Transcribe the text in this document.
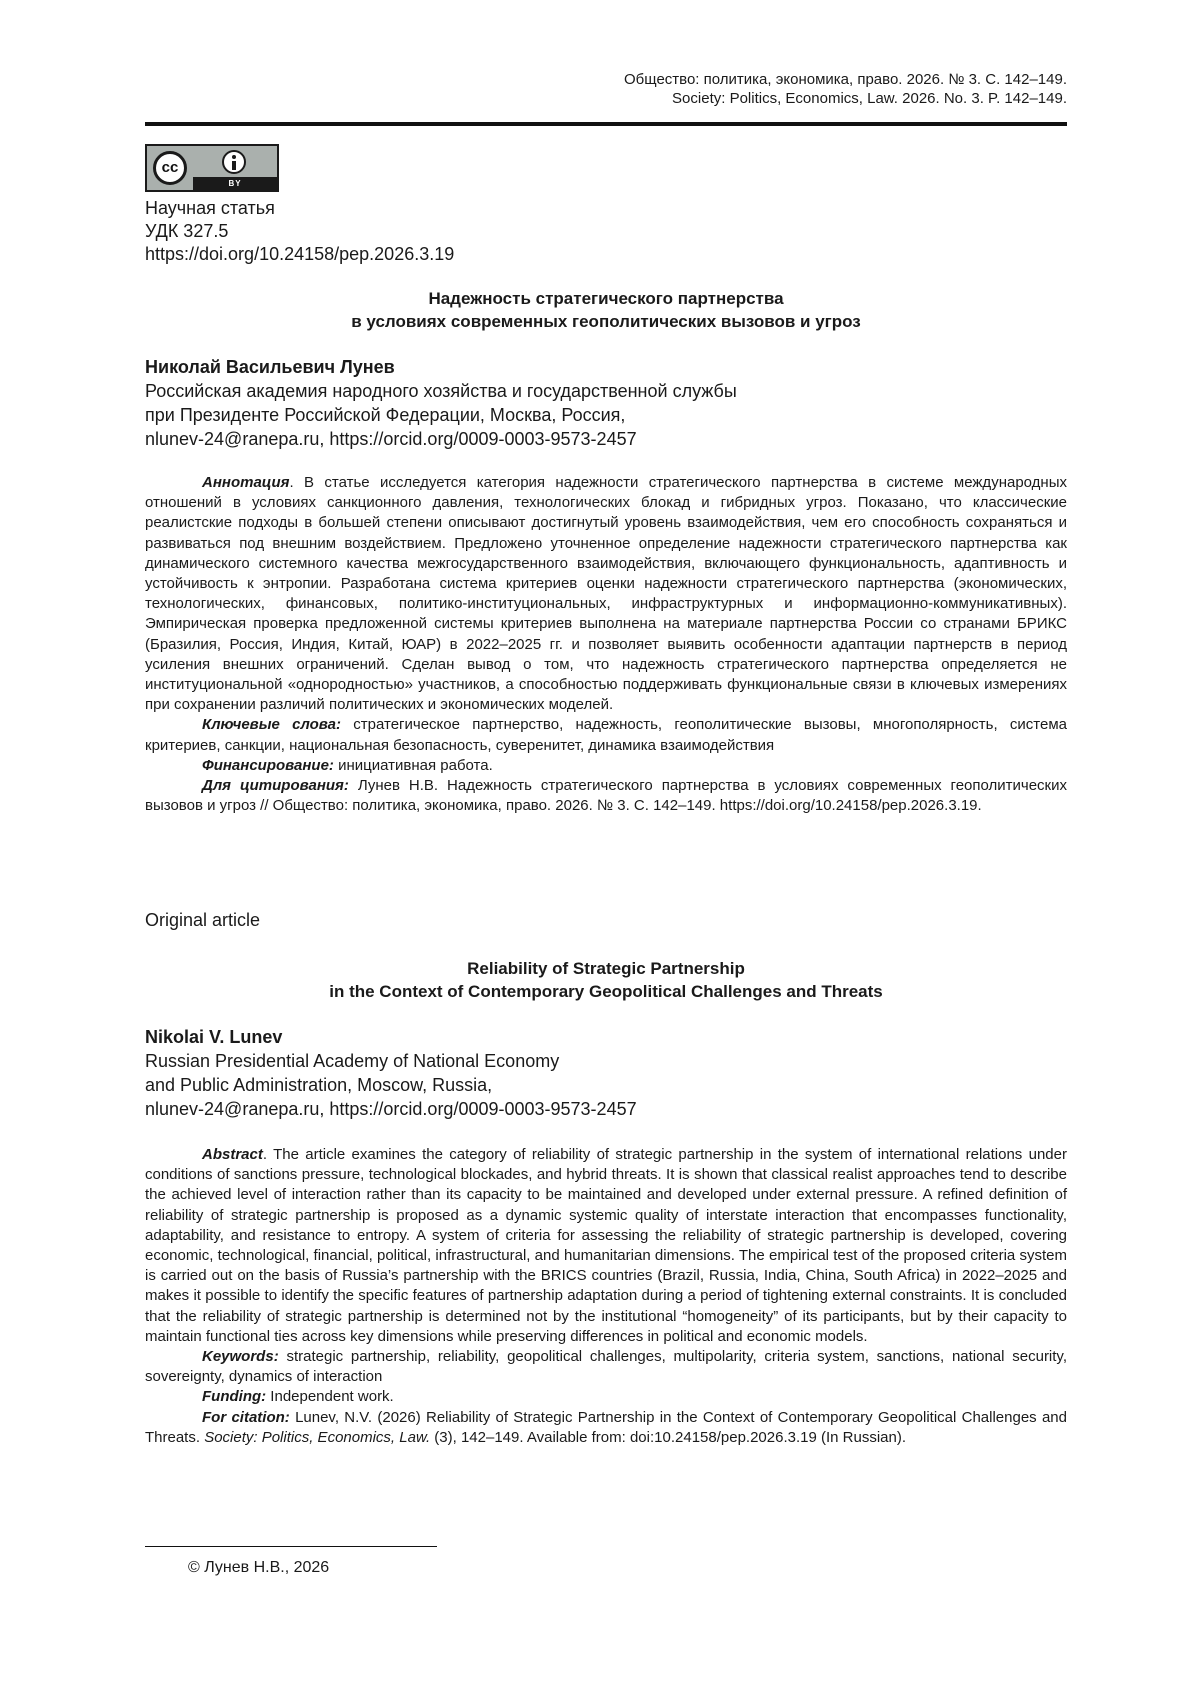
Общество: политика, экономика, право. 2026. № 3. С. 142–149.
Society: Politics, Economics, Law. 2026. No. 3. P. 142–149.
cc
BY
Научная статья
УДК 327.5
https://doi.org/10.24158/pep.2026.3.19
Надежность стратегического партнерства
в условиях современных геополитических вызовов и угроз
Николай Васильевич Лунев
Российская академия народного хозяйства и государственной службы
при Президенте Российской Федерации, Москва, Россия,
nlunev-24@ranepa.ru, https://orcid.org/0009-0003-9573-2457

Аннотация. В статье исследуется категория надежности стратегического партнерства в системе международных отношений в условиях санкционного давления, технологических блокад и гибридных угроз. Показано, что классические реалистские подходы в большей степени описывают достигнутый уровень взаимодействия, чем его способность сохраняться и развиваться под внешним воздействием. Предложено уточненное определение надежности стратегического партнерства как динамического системного качества межгосударственного взаимодействия, включающего функциональность, адаптивность и устойчивость к энтропии. Разработана система критериев оценки надежности стратегического партнерства (экономических, технологических, финансовых, политико-институциональных, инфраструктурных и информационно-коммуникативных). Эмпирическая проверка предложенной системы критериев выполнена на материале партнерства России со странами БРИКС (Бразилия, Россия, Индия, Китай, ЮАР) в 2022–2025 гг. и позволяет выявить особенности адаптации партнерств в период усиления внешних ограничений. Сделан вывод о том, что надежность стратегического партнерства определяется не институциональной «однородностью» участников, а способностью поддерживать функциональные связи в ключевых измерениях при сохранении различий политических и экономических моделей.

Ключевые слова: стратегическое партнерство, надежность, геополитические вызовы, многополярность, система критериев, санкции, национальная безопасность, суверенитет, динамика взаимодействия

Финансирование: инициативная работа.

Для цитирования: Лунев Н.В. Надежность стратегического партнерства в условиях современных геополитических вызовов и угроз // Общество: политика, экономика, право. 2026. № 3. С. 142–149. https://doi.org/10.24158/pep.2026.3.19.

Original article
Reliability of Strategic Partnership
in the Context of Contemporary Geopolitical Challenges and Threats
Nikolai V. Lunev
Russian Presidential Academy of National Economy
and Public Administration, Moscow, Russia,
nlunev-24@ranepa.ru, https://orcid.org/0009-0003-9573-2457

Abstract. The article examines the category of reliability of strategic partnership in the system of international relations under conditions of sanctions pressure, technological blockades, and hybrid threats. It is shown that classical realist approaches tend to describe the achieved level of interaction rather than its capacity to be maintained and developed under external pressure. A refined definition of reliability of strategic partnership is proposed as a dynamic systemic quality of interstate interaction that encompasses functionality, adaptability, and resistance to entropy. A system of criteria for assessing the reliability of strategic partnership is developed, covering economic, technological, financial, political, infrastructural, and humanitarian dimensions. The empirical test of the proposed criteria system is carried out on the basis of Russia’s partnership with the BRICS countries (Brazil, Russia, India, China, South Africa) in 2022–2025 and makes it possible to identify the specific features of partnership adaptation during a period of tightening external constraints. It is concluded that the reliability of strategic partnership is determined not by the institutional “homogeneity” of its participants, but by their capacity to maintain functional ties across key dimensions while preserving differences in political and economic models.

Keywords: strategic partnership, reliability, geopolitical challenges, multipolarity, criteria system, sanctions, national security, sovereignty, dynamics of interaction

Funding: Independent work.

For citation: Lunev, N.V. (2026) Reliability of Strategic Partnership in the Context of Contemporary Geopolitical Challenges and Threats. Society: Politics, Economics, Law. (3), 142–149. Available from: doi:10.24158/pep.2026.3.19 (In Russian).

© Лунев Н.В., 2026
